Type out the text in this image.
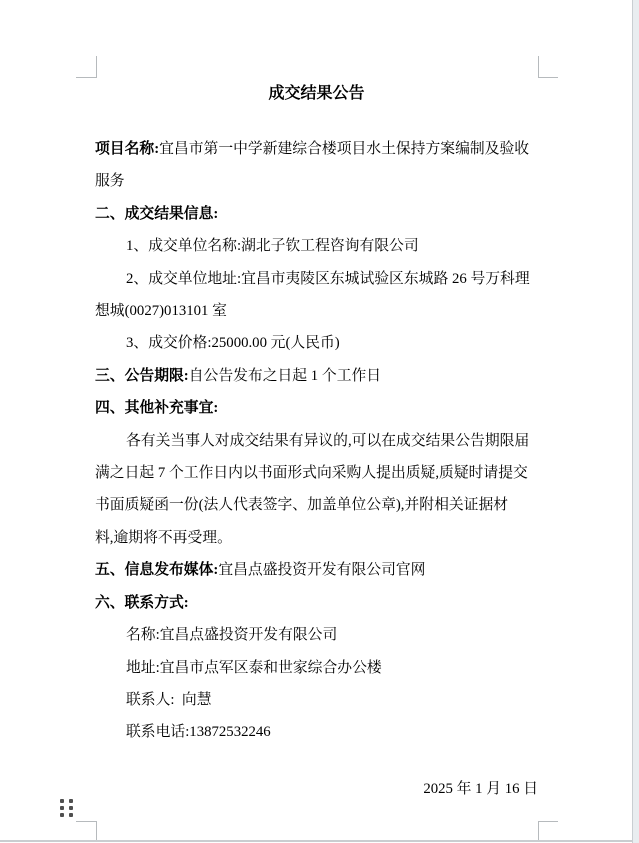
成交结果公告
项目名称:宜昌市第一中学新建综合楼项目水土保持方案编制及验收
服务
二、成交结果信息:
1、成交单位名称:湖北子钦工程咨询有限公司
2、成交单位地址:宜昌市夷陵区东城试验区东城路 26 号万科理
想城(0027)013101 室
3、成交价格:25000.00 元(人民币)
三、公告期限:自公告发布之日起 1 个工作日
四、其他补充事宜:
各有关当事人对成交结果有异议的,可以在成交结果公告期限届
满之日起 7 个工作日内以书面形式向采购人提出质疑,质疑时请提交
书面质疑函一份(法人代表签字、加盖单位公章),并附相关证据材
料,逾期将不再受理。
五、信息发布媒体:宜昌点盛投资开发有限公司官网
六、联系方式:
名称:宜昌点盛投资开发有限公司
地址:宜昌市点军区泰和世家综合办公楼
联系人:  向慧
联系电话:13872532246
2025 年 1 月 16 日
